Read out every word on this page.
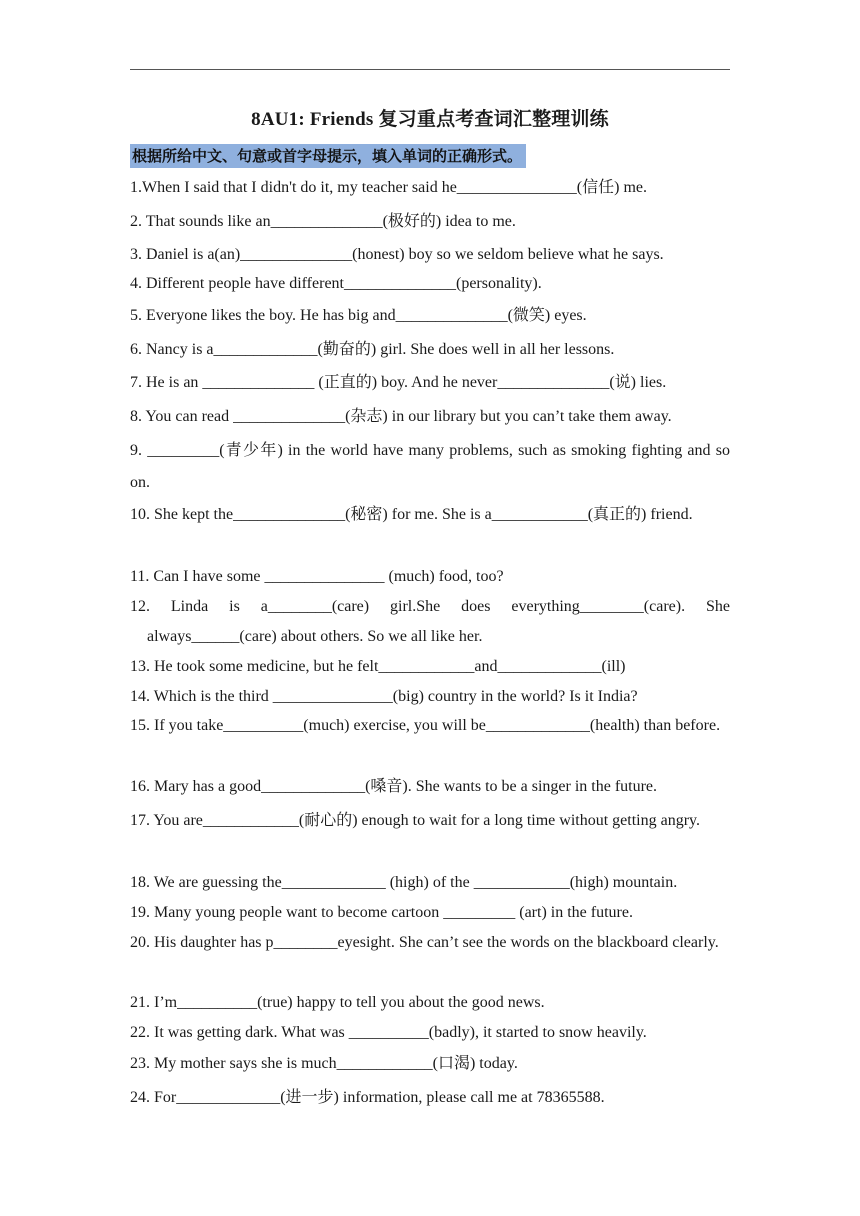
8AU1: Friends 复习重点考查词汇整理训练
根据所给中文、句意或首字母提示，填入单词的正确形式。
1.When I said that I didn't do it, my teacher said he_______________(信任) me.
2. That sounds like an______________(极好的) idea to me.
3. Daniel is a(an)______________(honest) boy so we seldom believe what he says.
4. Different people have different______________(personality).
5. Everyone likes the boy. He has big and______________(微笑) eyes.
6. Nancy is a_____________(勤奋的) girl. She does well in all her lessons.
7. He is an ______________ (正直的) boy. And he never______________(说) lies.
8. You can read ______________(杂志) in our library but you can’t take them away.
9. _________(青少年) in the world have many problems, such as smoking fighting and so on.
10. She kept the______________(秘密) for me. She is a____________(真正的) friend.
11. Can I have some _______________ (much) food, too?
12. Linda is a________(care) girl.She does everything________(care). She always______(care) about others. So we all like her.
13. He took some medicine, but he felt____________and_____________(ill)
14. Which is the third _______________(big) country in the world? Is it India?
15. If you take__________(much) exercise, you will be_____________(health) than before.
16. Mary has a good_____________(嗓音). She wants to be a singer in the future.
17. You are____________(耐心的) enough to wait for a long time without getting angry.
18. We are guessing the_____________ (high) of the ____________(high) mountain.
19. Many young people want to become cartoon _________ (art) in the future.
20. His daughter has p________eyesight. She can’t see the words on the blackboard clearly.
21. I’m__________(true) happy to tell you about the good news.
22. It was getting dark. What was __________(badly), it started to snow heavily.
23. My mother says she is much____________(口渴) today.
24. For_____________(进一步) information, please call me at 78365588.
